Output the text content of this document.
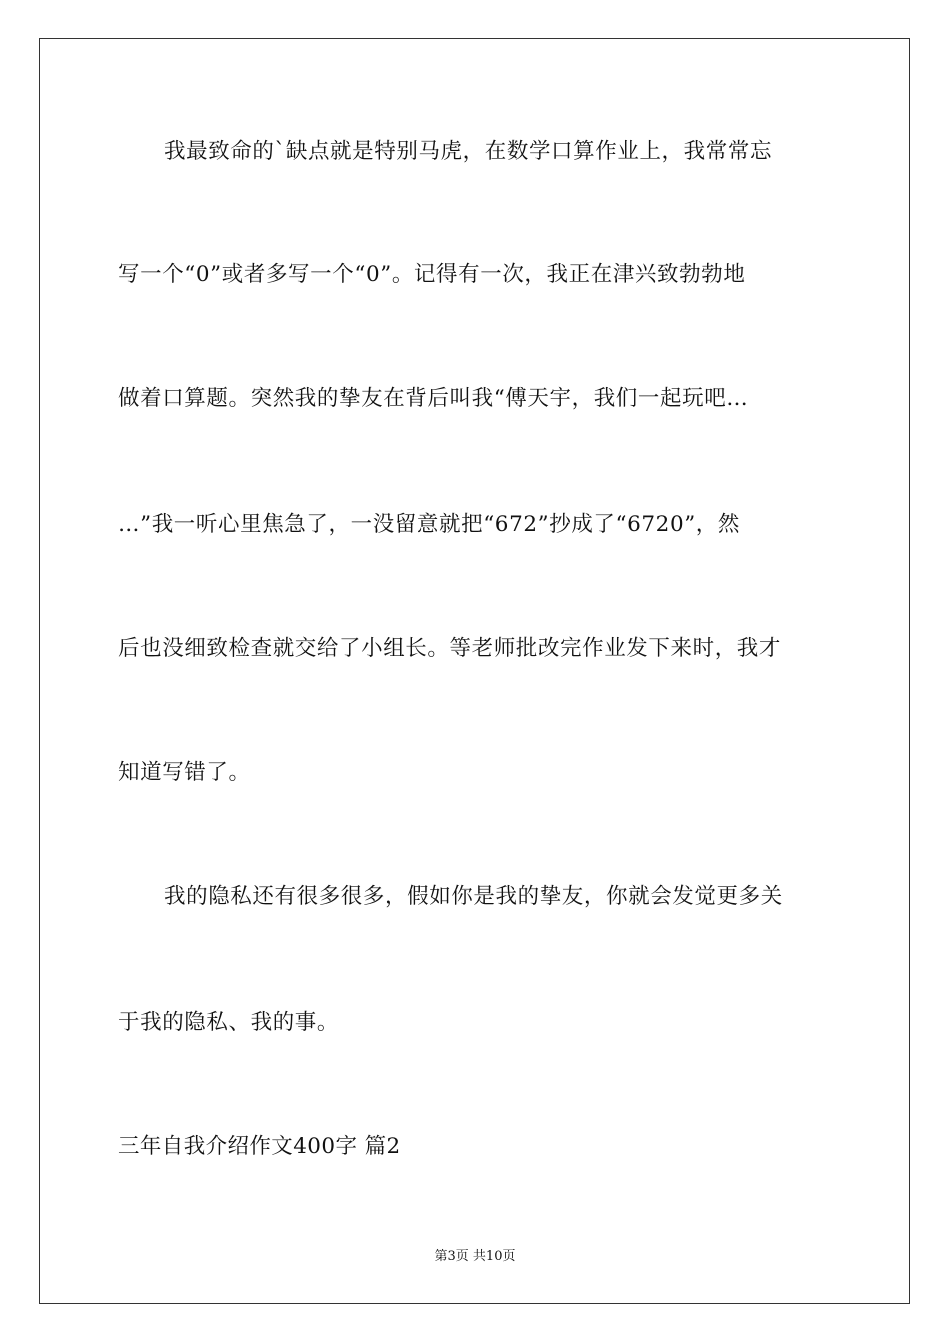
我最致命的`缺点就是特别马虎，在数学口算作业上，我常常忘
写一个“0”或者多写一个“0”。记得有一次，我正在津兴致勃勃地
做着口算题。突然我的挚友在背后叫我“傅天宇，我们一起玩吧…
…”我一听心里焦急了，一没留意就把“672”抄成了“6720”，然
后也没细致检查就交给了小组长。等老师批改完作业发下来时，我才
知道写错了。
我的隐私还有很多很多，假如你是我的挚友，你就会发觉更多关
于我的隐私、我的事。
三年自我介绍作文400字 篇2
第3页 共10页
